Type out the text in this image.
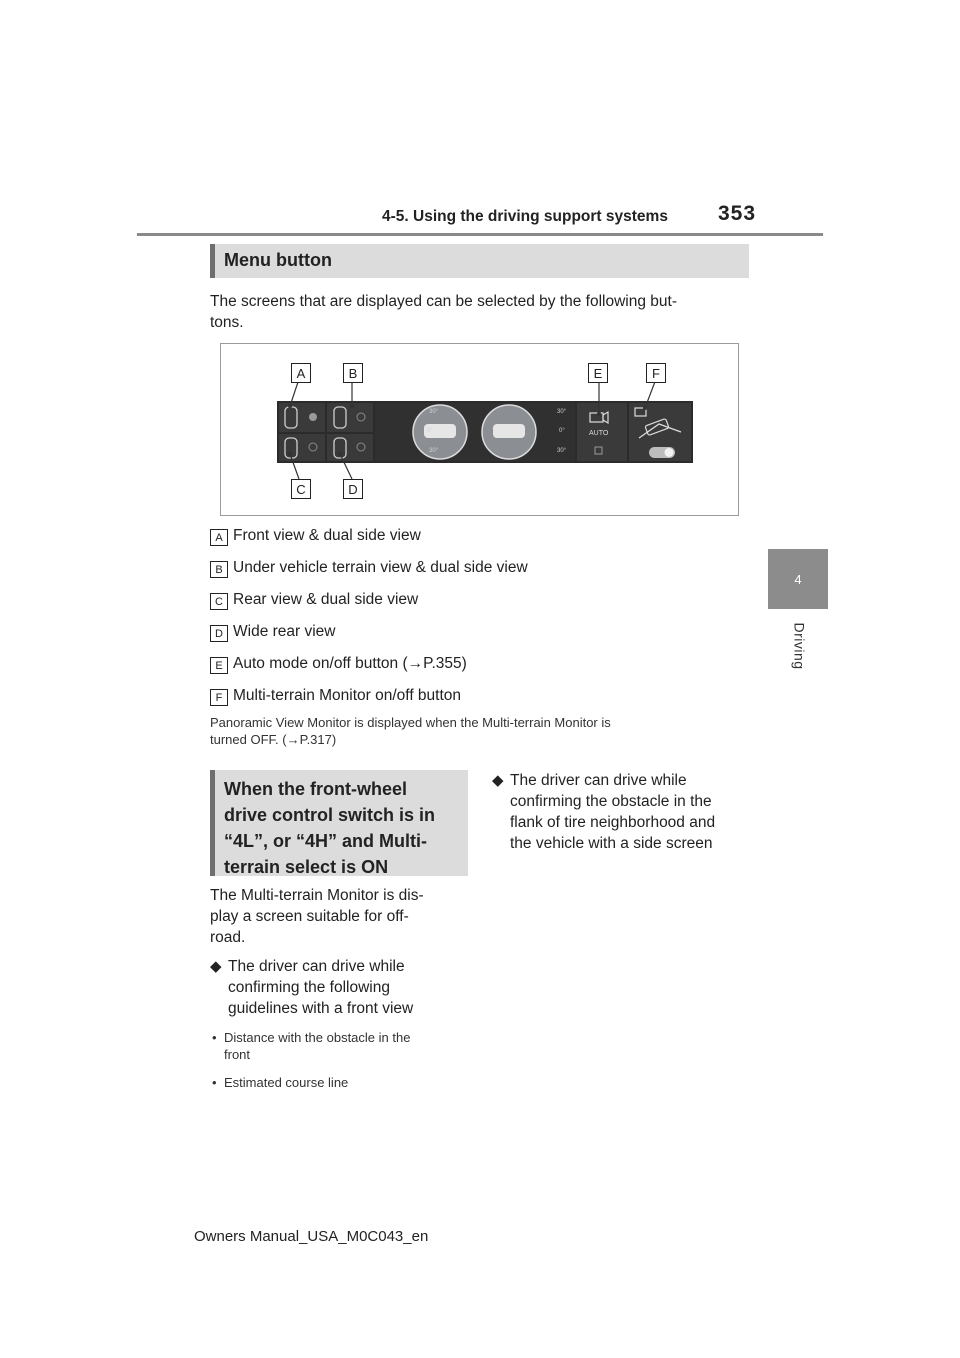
4-5. Using the driving support systems 353
4
Driving
Menu button
The screens that are displayed can be selected by the following but-
tons.
30°
0°
30°
30°
0°
30°
AUTO
A	B	E	F
C	D
A Front view & dual side view
B Under vehicle terrain view & dual side view
C Rear view & dual side view
D Wide rear view
E Auto mode on/off button (→P.355)
F Multi-terrain Monitor on/off button
Panoramic View Monitor is displayed when the Multi-terrain Monitor is
turned OFF. (→P.317)
When the front-wheel
drive control switch is in
“4L”, or “4H” and Multi-
terrain select is ON
The Multi-terrain Monitor is dis-
play a screen suitable for off-
road.
◆ The driver can drive while
confirming the following
guidelines with a front view
• Distance with the obstacle in the
front
• Estimated course line
◆ The driver can drive while
confirming the obstacle in the
flank of tire neighborhood and
the vehicle with a side screen
Owners Manual_USA_M0C043_en
